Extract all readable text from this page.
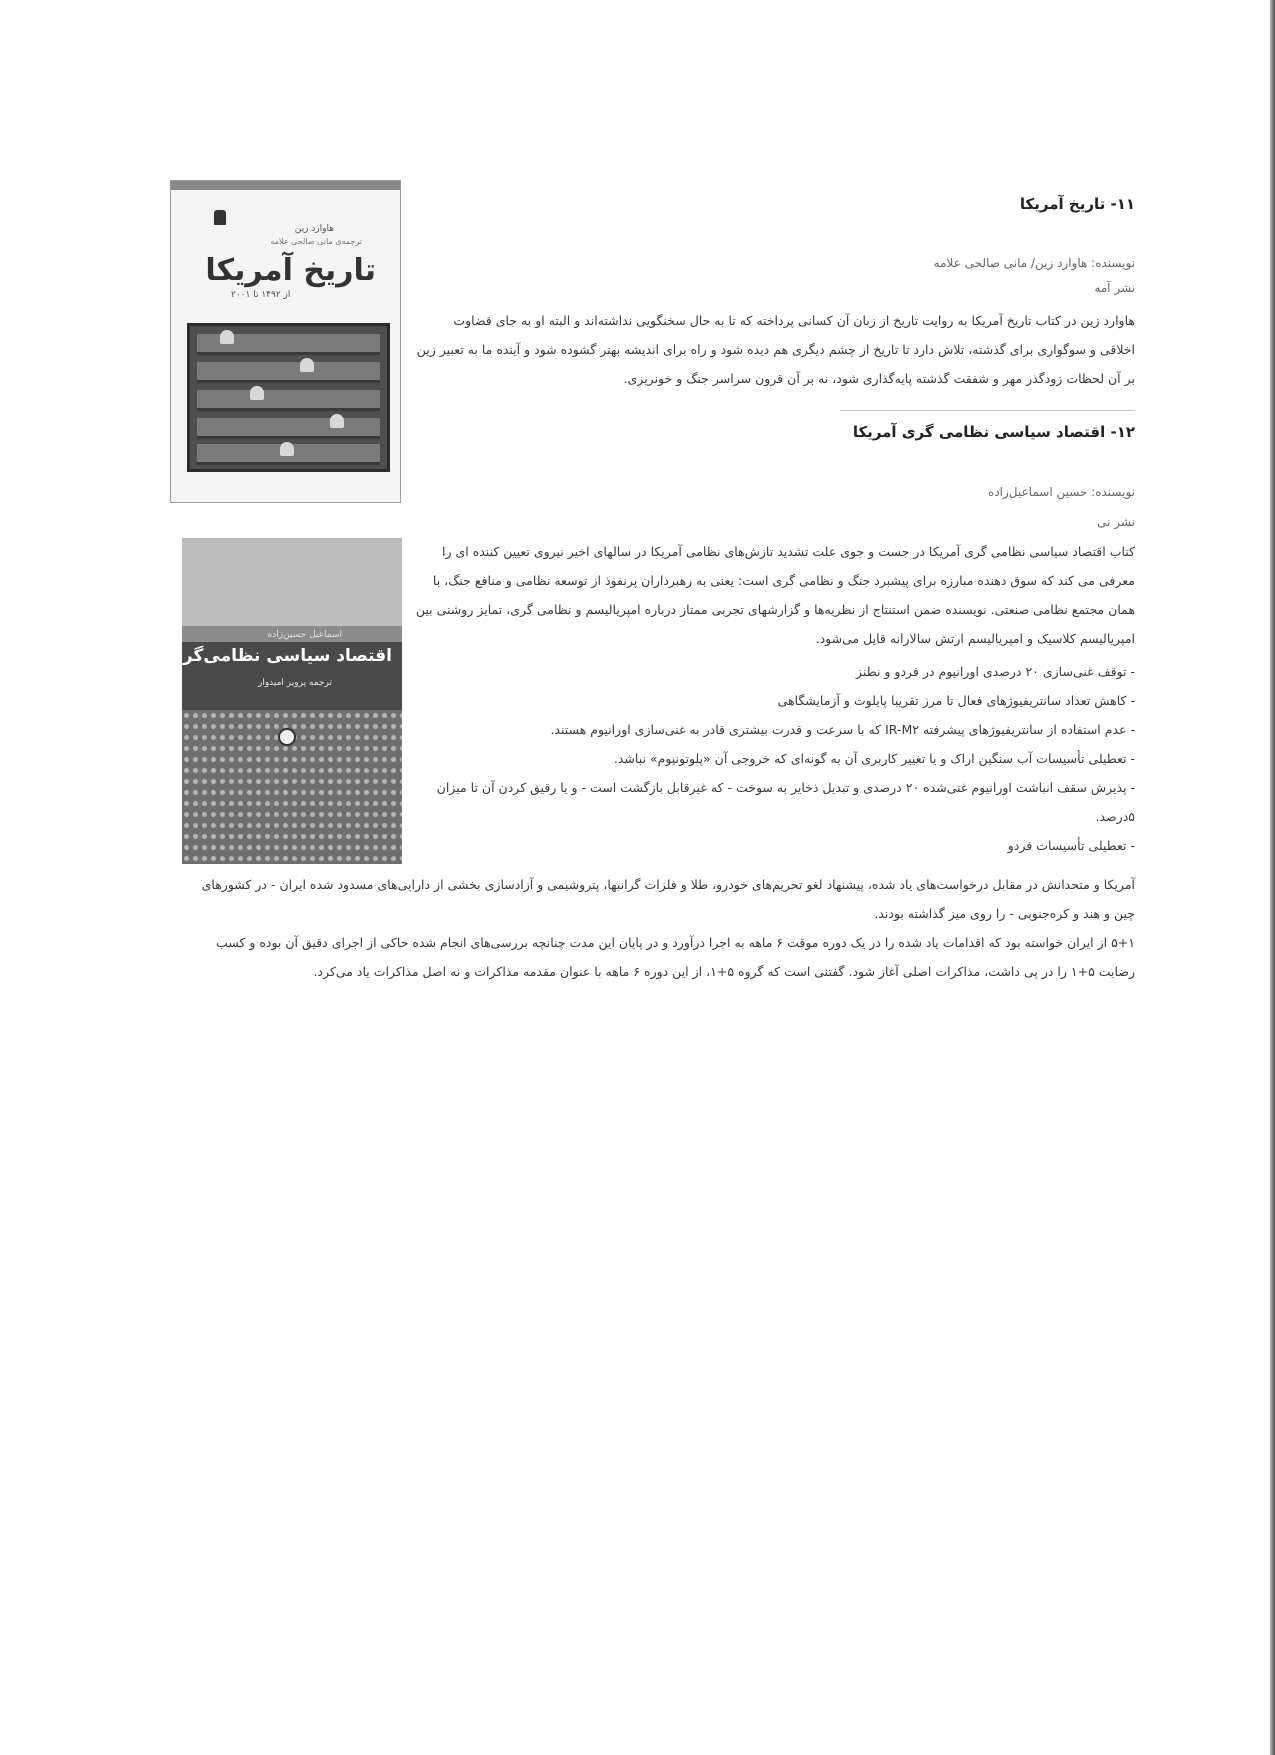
هاوارد زین
ترجمه‌ی مانی صالحی علامه
تاریخ آمریکا
از ۱۴۹۲ تا ۲۰۰۱
اسماعیل حسین‌زاده
اقتصاد سیاسی نظامی‌گری امریکا
ترجمه پرویز امیدوار
۱۱- تاریخ آمریکا
نویسنده: هاوارد زین/ مانی صالحی علامه
نشر آمه
هاوارد زین در کتاب تاریخ آمریکا به روایت تاریخ از زبان آن کسانی پرداخته که تا به حال سخنگویی نداشته‌اند و البته او به جای قضاوت اخلاقی و سوگواری برای گذشته، تلاش دارد تا تاریخ از چشم دیگری هم دیده شود و راه برای اندیشه بهتر گشوده شود و آینده ما به تعبیر زین بر آن لحظات زودگذر مهر و شفقت گذشته پایه‌گذاری شود، نه بر آن قرون سراسر جنگ و خونریزی.
۱۲- اقتصاد سیاسی نظامی گری آمریکا
نویسنده: حسین اسماعیل‌زاده
نشر نی
کتاب اقتصاد سیاسی نظامی گری آمریکا در جست و جوی علت تشدید تازش‌های نظامی آمریکا در سالهای اخیر نیروی تعیین کننده ای را معرفی می کند که سوق دهنده مبارزه برای پیشبرد جنگ و نظامی گری است: یعنی به رهبرداران پرنفوذ از توسعه نظامی و منافع جنگ، با همان مجتمع نظامی صنعتی. نویسنده ضمن استنتاج از نظریه‌ها و گزارشهای تجربی ممتاز درباره امپریالیسم و نظامی گری، تمایز روشنی بین امپریالیسم کلاسیک و امپریالیسم ارتش سالارانه قایل می‌شود.
- توقف غنی‌سازی ۲۰ درصدی اورانیوم در فردو و نطنز
- کاهش تعداد سانتریفیوژهای فعال تا مرز تقریبا پایلوت و آزمایشگاهی
- عدم استفاده از سانتریفیوژهای پیشرفته IR-M۲ که با سرعت و قدرت بیشتری قادر به غنی‌سازی اورانیوم هستند.
- تعطیلی تأسیسات آب سنگین اراک و یا تغییر کاربری آن به گونه‌ای که خروجی آن «پلوتونیوم» نباشد.
- پذیرش سقف انباشت اورانیوم غنی‌شده ۲۰ درصدی و تبدیل ذخایر به سوخت - که غیرقابل بازگشت است - و یا رقیق کردن آن تا میزان ۵درصد.
- تعطیلی تأسیسات فردو
آمریکا و متحدانش در مقابل درخواست‌های یاد شده، پیشنهاد لغو تحریم‌های خودرو، طلا و فلزات گرانبها، پتروشیمی و آزادسازی بخشی از دارایی‌های مسدود شده ایران - در کشورهای چین و هند و کره‌جنوبی - را روی میز گذاشته بودند.
۵+۱ از ایران خواسته بود که اقدامات یاد شده را در یک دوره موقت ۶ ماهه به اجرا درآورد و در پایان این مدت چنانچه بررسی‌های انجام شده حاکی از اجرای دقیق آن بوده و کسب رضایت ۵+۱ را در پی داشت، مذاکرات اصلی آغاز شود. گفتنی است که گروه ۵+۱، از این دوره ۶ ماهه با عنوان مقدمه مذاکرات و نه اصل مذاکرات یاد می‌کرد.
